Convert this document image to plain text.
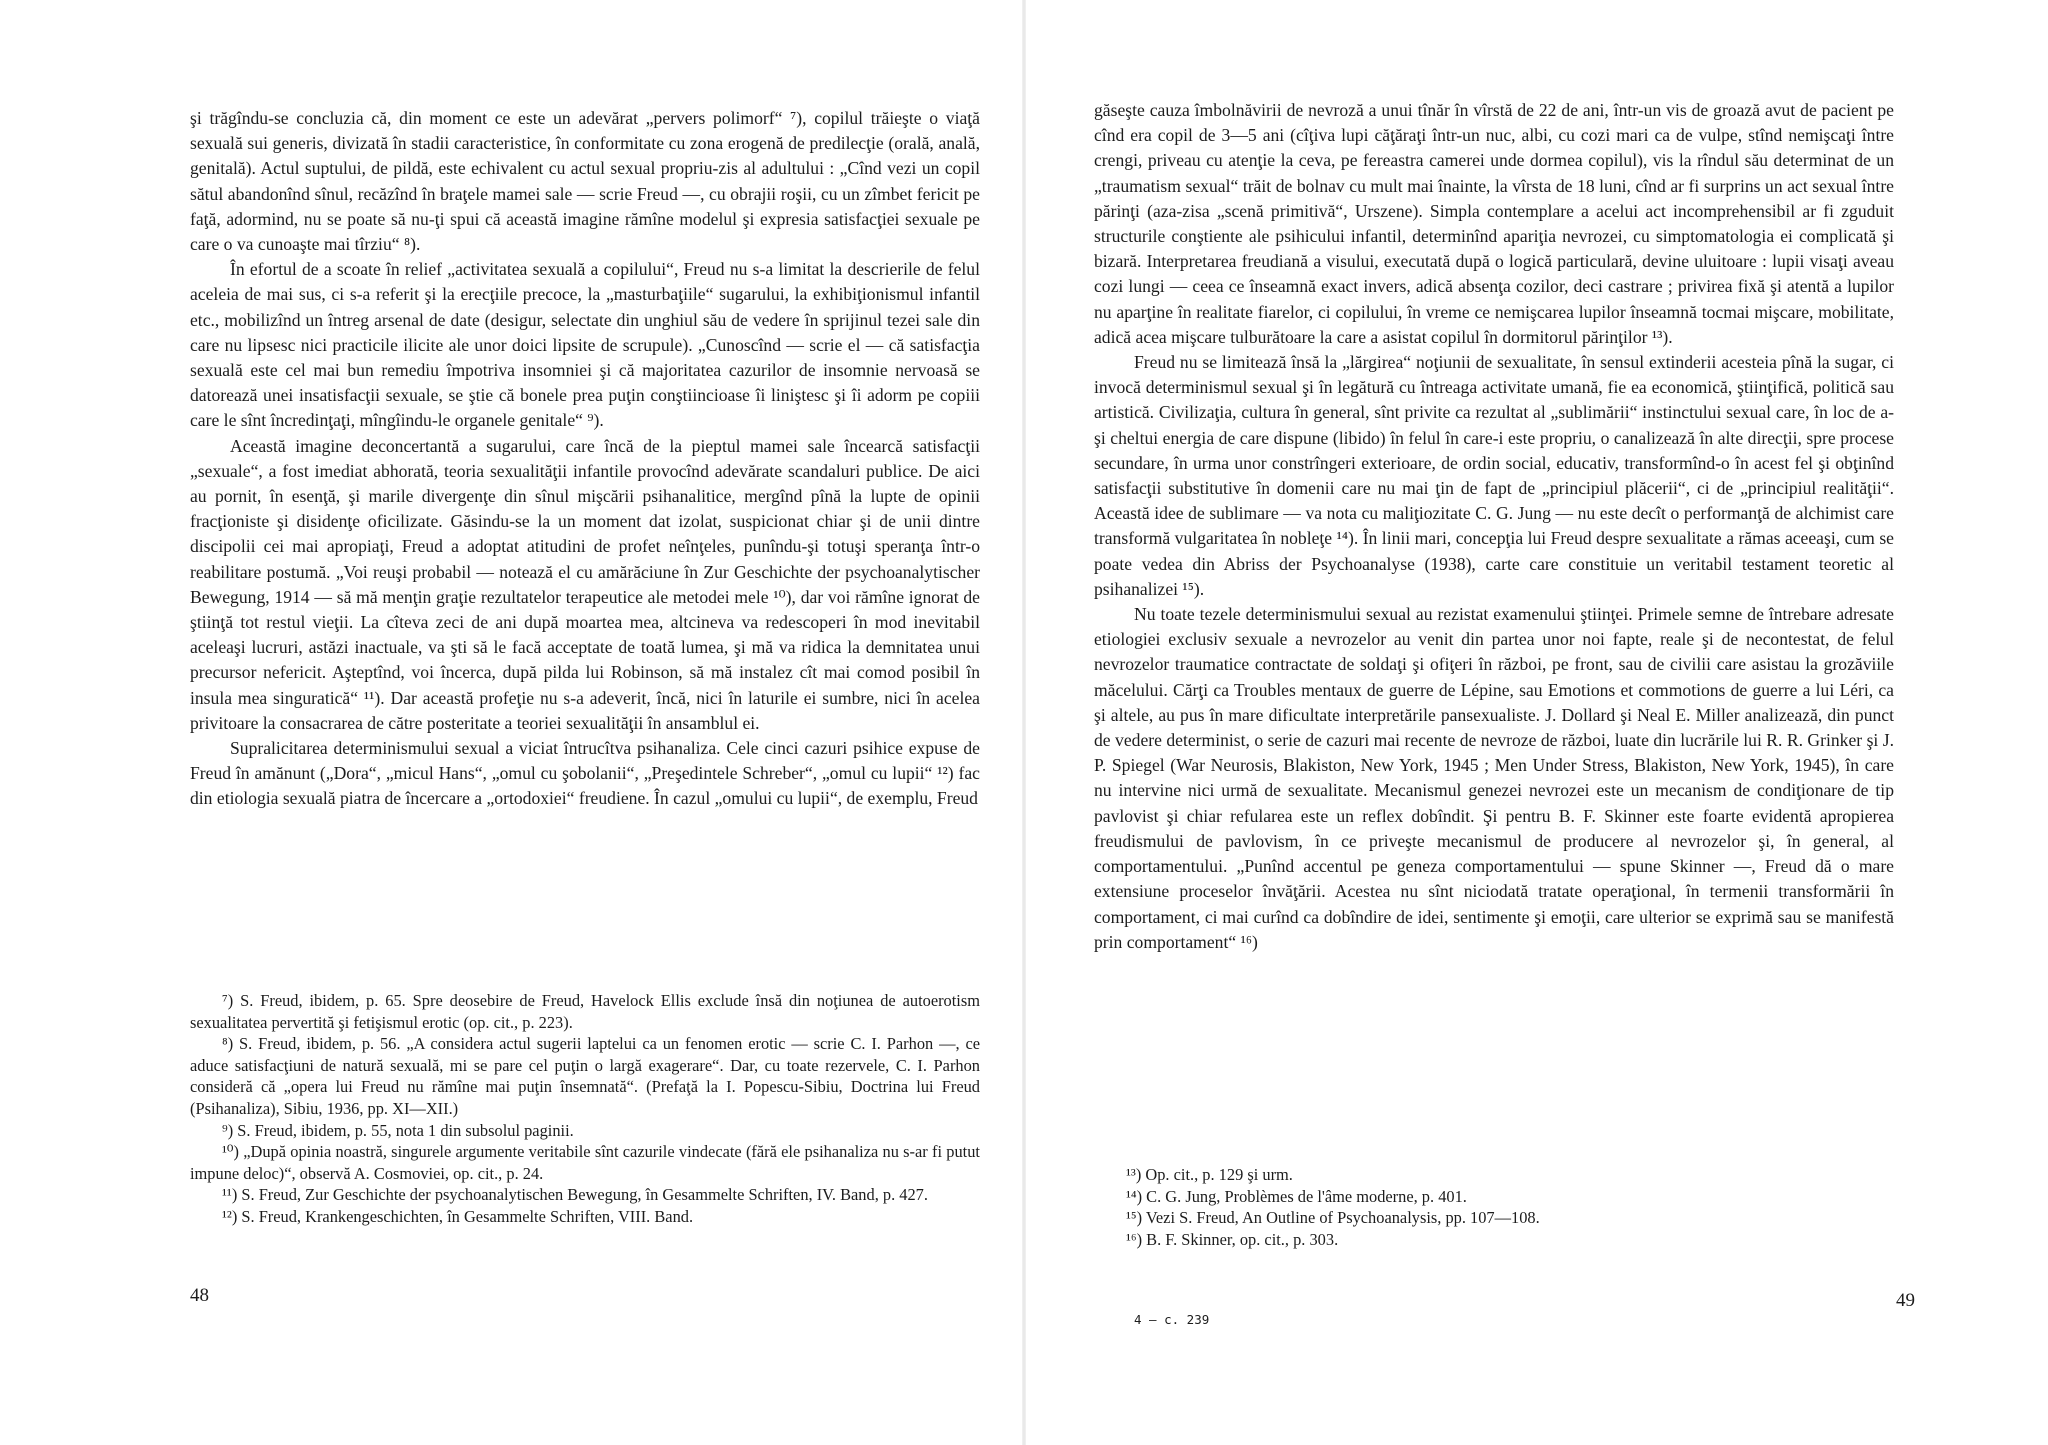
şi trăgîndu-se concluzia că, din moment ce este un adevărat „pervers polimorf“ ⁷), copilul trăieşte o viaţă sexuală sui generis, divizată în stadii caracteristice, în conformitate cu zona erogenă de predilecţie (orală, anală, genitală). Actul suptului, de pildă, este echivalent cu actul sexual propriu-zis al adultului : „Cînd vezi un copil sătul abandonînd sînul, recăzînd în braţele mamei sale — scrie Freud —, cu obrajii roşii, cu un zîmbet fericit pe faţă, adormind, nu se poate să nu-ţi spui că această imagine rămîne modelul şi expresia satisfacţiei sexuale pe care o va cunoaşte mai tîrziu“ ⁸).

În efortul de a scoate în relief „activitatea sexuală a copilului“, Freud nu s-a limitat la descrierile de felul aceleia de mai sus, ci s-a referit şi la erecţiile precoce, la „masturbaţiile“ sugarului, la exhibiţionismul infantil etc., mobilizînd un întreg arsenal de date (desigur, selectate din unghiul său de vedere în sprijinul tezei sale din care nu lipsesc nici practicile ilicite ale unor doici lipsite de scrupule). „Cunoscînd — scrie el — că satisfacţia sexuală este cel mai bun remediu împotriva insomniei şi că majoritatea cazurilor de insomnie nervoasă se datorează unei insatisfacţii sexuale, se ştie că bonele prea puţin conştiincioase îi liniştesc şi îi adorm pe copiii care le sînt încredinţaţi, mîngîindu-le organele genitale“ ⁹).

Această imagine deconcertantă a sugarului, care încă de la pieptul mamei sale încearcă satisfacţii „sexuale“, a fost imediat abhorată, teoria sexualităţii infantile provocînd adevărate scandaluri publice. De aici au pornit, în esenţă, şi marile divergenţe din sînul mişcării psihanalitice, mergînd pînă la lupte de opinii fracţioniste şi disidenţe oficilizate. Găsindu-se la un moment dat izolat, suspicionat chiar şi de unii dintre discipolii cei mai apropiaţi, Freud a adoptat atitudini de profet neînţeles, punîndu-şi totuşi speranţa într-o reabilitare postumă. „Voi reuşi probabil — notează el cu amărăciune în Zur Geschichte der psychoanalytischer Bewegung, 1914 — să mă menţin graţie rezultatelor terapeutice ale metodei mele ¹⁰), dar voi rămîne ignorat de ştiinţă tot restul vieţii. La cîteva zeci de ani după moartea mea, altcineva va redescoperi în mod inevitabil aceleaşi lucruri, astăzi inactuale, va şti să le facă acceptate de toată lumea, şi mă va ridica la demnitatea unui precursor nefericit. Aşteptînd, voi încerca, după pilda lui Robinson, să mă instalez cît mai comod posibil în insula mea singuratică“ ¹¹). Dar această profeţie nu s-a adeverit, încă, nici în laturile ei sumbre, nici în acelea privitoare la consacrarea de către posteritate a teoriei sexualităţii în ansamblul ei.

Supralicitarea determinismului sexual a viciat întrucîtva psihanaliza. Cele cinci cazuri psihice expuse de Freud în amănunt („Dora“, „micul Hans“, „omul cu şobolanii“, „Preşedintele Schreber“, „omul cu lupii“ ¹²) fac din etiologia sexuală piatra de încercare a „ortodoxiei“ freudiene. În cazul „omului cu lupii“, de exemplu, Freud

⁷) S. Freud, ibidem, p. 65. Spre deosebire de Freud, Havelock Ellis exclude însă din noţiunea de autoerotism sexualitatea pervertită şi fetişismul erotic (op. cit., p. 223).

⁸) S. Freud, ibidem, p. 56. „A considera actul sugerii laptelui ca un fenomen erotic — scrie C. I. Parhon —, ce aduce satisfacţiuni de natură sexuală, mi se pare cel puţin o largă exagerare“. Dar, cu toate rezervele, C. I. Parhon consideră că „opera lui Freud nu rămîne mai puţin însemnată“. (Prefaţă la I. Popescu-Sibiu, Doctrina lui Freud (Psihanaliza), Sibiu, 1936, pp. XI—XII.)

⁹) S. Freud, ibidem, p. 55, nota 1 din subsolul paginii.

¹⁰) „După opinia noastră, singurele argumente veritabile sînt cazurile vindecate (fără ele psihanaliza nu s-ar fi putut impune deloc)“, observă A. Cosmoviei, op. cit., p. 24.

¹¹) S. Freud, Zur Geschichte der psychoanalytischen Bewegung, în Gesammelte Schriften, IV. Band, p. 427.

¹²) S. Freud, Krankengeschichten, în Gesammelte Schriften, VIII. Band.

48

găseşte cauza îmbolnăvirii de nevroză a unui tînăr în vîrstă de 22 de ani, într-un vis de groază avut de pacient pe cînd era copil de 3—5 ani (cîţiva lupi căţăraţi într-un nuc, albi, cu cozi mari ca de vulpe, stînd nemişcaţi între crengi, priveau cu atenţie la ceva, pe fereastra camerei unde dormea copilul), vis la rîndul său determinat de un „traumatism sexual“ trăit de bolnav cu mult mai înainte, la vîrsta de 18 luni, cînd ar fi surprins un act sexual între părinţi (aza-zisa „scenă primitivă“, Urszene). Simpla contemplare a acelui act incomprehensibil ar fi zguduit structurile conştiente ale psihicului infantil, determinînd apariţia nevrozei, cu simptomatologia ei complicată şi bizară. Interpretarea freudiană a visului, executată după o logică particulară, devine uluitoare : lupii visaţi aveau cozi lungi — ceea ce înseamnă exact invers, adică absenţa cozilor, deci castrare ; privirea fixă şi atentă a lupilor nu aparţine în realitate fiarelor, ci copilului, în vreme ce nemişcarea lupilor înseamnă tocmai mişcare, mobilitate, adică acea mişcare tulburătoare la care a asistat copilul în dormitorul părinţilor ¹³).

Freud nu se limitează însă la „lărgirea“ noţiunii de sexualitate, în sensul extinderii acesteia pînă la sugar, ci invocă determinismul sexual şi în legătură cu întreaga activitate umană, fie ea economică, ştiinţifică, politică sau artistică. Civilizaţia, cultura în general, sînt privite ca rezultat al „sublimării“ instinctului sexual care, în loc de a-şi cheltui energia de care dispune (libido) în felul în care-i este propriu, o canalizează în alte direcţii, spre procese secundare, în urma unor constrîngeri exterioare, de ordin social, educativ, transformînd-o în acest fel şi obţinînd satisfacţii substitutive în domenii care nu mai ţin de fapt de „principiul plăcerii“, ci de „principiul realităţii“. Această idee de sublimare — va nota cu maliţiozitate C. G. Jung — nu este decît o performanţă de alchimist care transformă vulgaritatea în nobleţe ¹⁴). În linii mari, concepţia lui Freud despre sexualitate a rămas aceeaşi, cum se poate vedea din Abriss der Psychoanalyse (1938), carte care constituie un veritabil testament teoretic al psihanalizei ¹⁵).

Nu toate tezele determinismului sexual au rezistat examenului ştiinţei. Primele semne de întrebare adresate etiologiei exclusiv sexuale a nevrozelor au venit din partea unor noi fapte, reale şi de necontestat, de felul nevrozelor traumatice contractate de soldaţi şi ofiţeri în război, pe front, sau de civilii care asistau la grozăviile măcelului. Cărţi ca Troubles mentaux de guerre de Lépine, sau Emotions et commotions de guerre a lui Léri, ca şi altele, au pus în mare dificultate interpretările pansexualiste. J. Dollard şi Neal E. Miller analizează, din punct de vedere determinist, o serie de cazuri mai recente de nevroze de război, luate din lucrările lui R. R. Grinker şi J. P. Spiegel (War Neurosis, Blakiston, New York, 1945 ; Men Under Stress, Blakiston, New York, 1945), în care nu intervine nici urmă de sexualitate. Mecanismul genezei nevrozei este un mecanism de condiţionare de tip pavlovist şi chiar refularea este un reflex dobîndit. Şi pentru B. F. Skinner este foarte evidentă apropierea freudismului de pavlovism, în ce priveşte mecanismul de producere al nevrozelor şi, în general, al comportamentului. „Punînd accentul pe geneza comportamentului — spune Skinner —, Freud dă o mare extensiune proceselor învăţării. Acestea nu sînt niciodată tratate operaţional, în termenii transformării în comportament, ci mai curînd ca dobîndire de idei, sentimente şi emoţii, care ulterior se exprimă sau se manifestă prin comportament“ ¹⁶)

¹³) Op. cit., p. 129 şi urm.

¹⁴) C. G. Jung, Problèmes de l'âme moderne, p. 401.

¹⁵) Vezi S. Freud, An Outline of Psychoanalysis, pp. 107—108.

¹⁶) B. F. Skinner, op. cit., p. 303.

4 — c. 239
49
